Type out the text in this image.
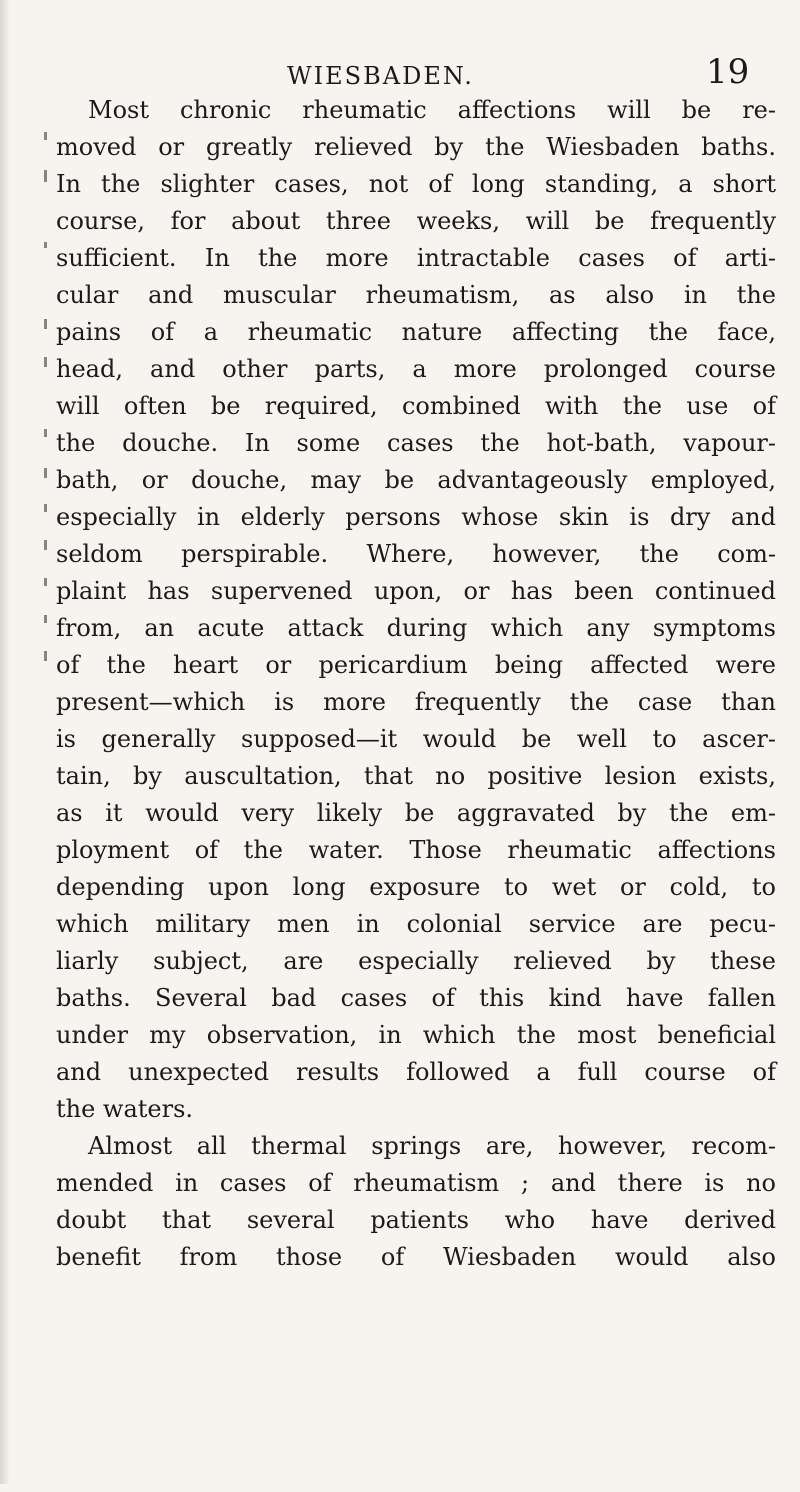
WIESBADEN.	19
Most chronic rheumatic affections will be re-
moved or greatly relieved by the Wiesbaden baths.
In the slighter cases, not of long standing, a short
course, for about three weeks, will be frequently
sufficient. In the more intractable cases of arti-
cular and muscular rheumatism, as also in the
pains of a rheumatic nature affecting the face,
head, and other parts, a more prolonged course
will often be required, combined with the use of
the douche. In some cases the hot-bath, vapour-
bath, or douche, may be advantageously employed,
especially in elderly persons whose skin is dry and
seldom perspirable. Where, however, the com-
plaint has supervened upon, or has been continued
from, an acute attack during which any symptoms
of the heart or pericardium being affected were
present—which is more frequently the case than
is generally supposed—it would be well to ascer-
tain, by auscultation, that no positive lesion exists,
as it would very likely be aggravated by the em-
ployment of the water. Those rheumatic affections
depending upon long exposure to wet or cold, to
which military men in colonial service are pecu-
liarly subject, are especially relieved by these
baths. Several bad cases of this kind have fallen
under my observation, in which the most beneficial
and unexpected results followed a full course of
the waters.
Almost all thermal springs are, however, recom-
mended in cases of rheumatism ; and there is no
doubt that several patients who have derived
benefit from those of Wiesbaden would also
